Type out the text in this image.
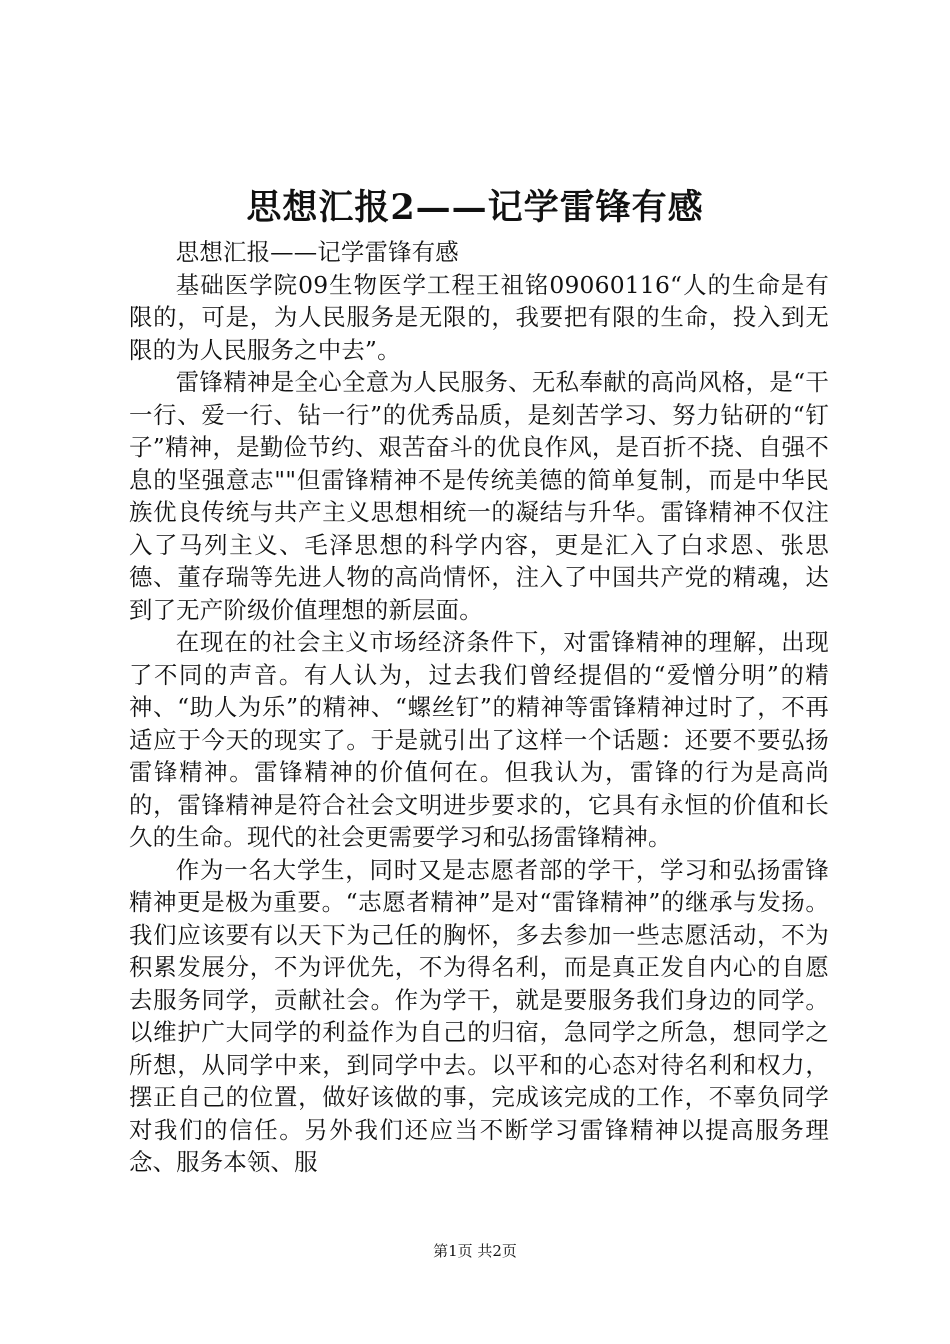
思想汇报2——记学雷锋有感

思想汇报——记学雷锋有感

基础医学院09生物医学工程王祖铭09060116“人的生命是有限的，可是，为人民服务是无限的，我要把有限的生命，投入到无限的为人民服务之中去”。

雷锋精神是全心全意为人民服务、无私奉献的高尚风格，是“干一行、爱一行、钻一行”的优秀品质，是刻苦学习、努力钻研的“钉子”精神，是勤俭节约、艰苦奋斗的优良作风，是百折不挠、自强不息的坚强意志""但雷锋精神不是传统美德的简单复制，而是中华民族优良传统与共产主义思想相统一的凝结与升华。雷锋精神不仅注入了马列主义、毛泽思想的科学内容，更是汇入了白求恩、张思德、董存瑞等先进人物的高尚情怀，注入了中国共产党的精魂，达到了无产阶级价值理想的新层面。

在现在的社会主义市场经济条件下，对雷锋精神的理解，出现了不同的声音。有人认为，过去我们曾经提倡的“爱憎分明”的精神、“助人为乐”的精神、“螺丝钉”的精神等雷锋精神过时了，不再适应于今天的现实了。于是就引出了这样一个话题：还要不要弘扬雷锋精神。雷锋精神的价值何在。但我认为，雷锋的行为是高尚的，雷锋精神是符合社会文明进步要求的，它具有永恒的价值和长久的生命。现代的社会更需要学习和弘扬雷锋精神。

作为一名大学生，同时又是志愿者部的学干，学习和弘扬雷锋精神更是极为重要。“志愿者精神”是对“雷锋精神”的继承与发扬。我们应该要有以天下为己任的胸怀，多去参加一些志愿活动，不为积累发展分，不为评优先，不为得名利，而是真正发自内心的自愿去服务同学，贡献社会。作为学干，就是要服务我们身边的同学。以维护广大同学的利益作为自己的归宿，急同学之所急，想同学之所想，从同学中来，到同学中去。以平和的心态对待名利和权力，摆正自己的位置，做好该做的事，完成该完成的工作，不辜负同学对我们的信任。另外我们还应当不断学习雷锋精神以提高服务理念、服务本领、服

第1页 共2页
